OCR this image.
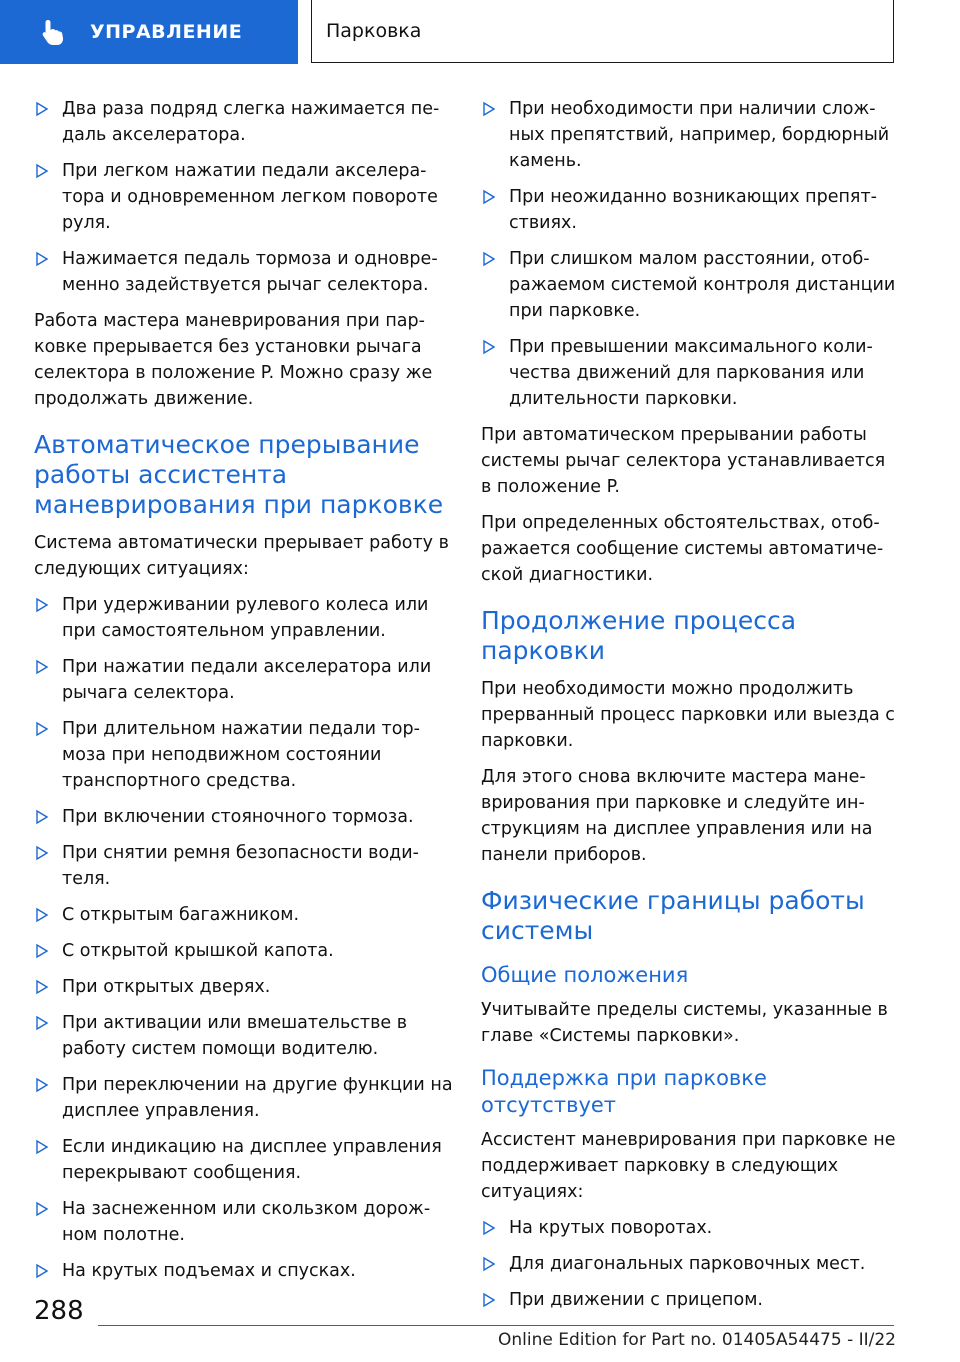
УПРАВЛЕНИЕ	Парковка
Два раза подряд слегка нажимается педаль акселератора.
При легком нажатии педали акселератора и одновременном легком повороте руля.
Нажимается педаль тормоза и одновременно задействуется рычаг селектора.

Работа мастера маневрирования при парковке прерывается без установки рычага селектора в положение P. Можно сразу же продолжать движение.

Автоматическое прерывание работы ассистента маневрирования при парковке

Система автоматически прерывает работу в следующих ситуациях:

При удерживании рулевого колеса или при самостоятельном управлении.
При нажатии педали акселератора или рычага селектора.
При длительном нажатии педали тормоза при неподвижном состоянии транспортного средства.
При включении стояночного тормоза.
При снятии ремня безопасности водителя.
С открытым багажником.
С открытой крышкой капота.
При открытых дверях.
При активации или вмешательстве в работу систем помощи водителю.
При переключении на другие функции на дисплее управления.
Если индикацию на дисплее управления перекрывают сообщения.
На заснеженном или скользком дорожном полотне.
На крутых подъемах и спусках.
При необходимости при наличии сложных препятствий, например, бордюрный камень.
При неожиданно возникающих препятствиях.
При слишком малом расстоянии, отображаемом системой контроля дистанции при парковке.
При превышении максимального количества движений для паркования или длительности парковки.

При автоматическом прерывании работы системы рычаг селектора устанавливается в положение P.

При определенных обстоятельствах, отображается сообщение системы автоматической диагностики.

Продолжение процесса парковки

При необходимости можно продолжить прерванный процесс парковки или выезда с парковки.

Для этого снова включите мастера маневрирования при парковке и следуйте инструкциям на дисплее управления или на панели приборов.

Физические границы работы системы
Общие положения

Учитывайте пределы системы, указанные в главе «Системы парковки».

Поддержка при парковке отсутствует

Ассистент маневрирования при парковке не поддерживает парковку в следующих ситуациях:

На крутых поворотах.
Для диагональных парковочных мест.
При движении с прицепом.
288
Online Edition for Part no. 01405A54475 - II/22
